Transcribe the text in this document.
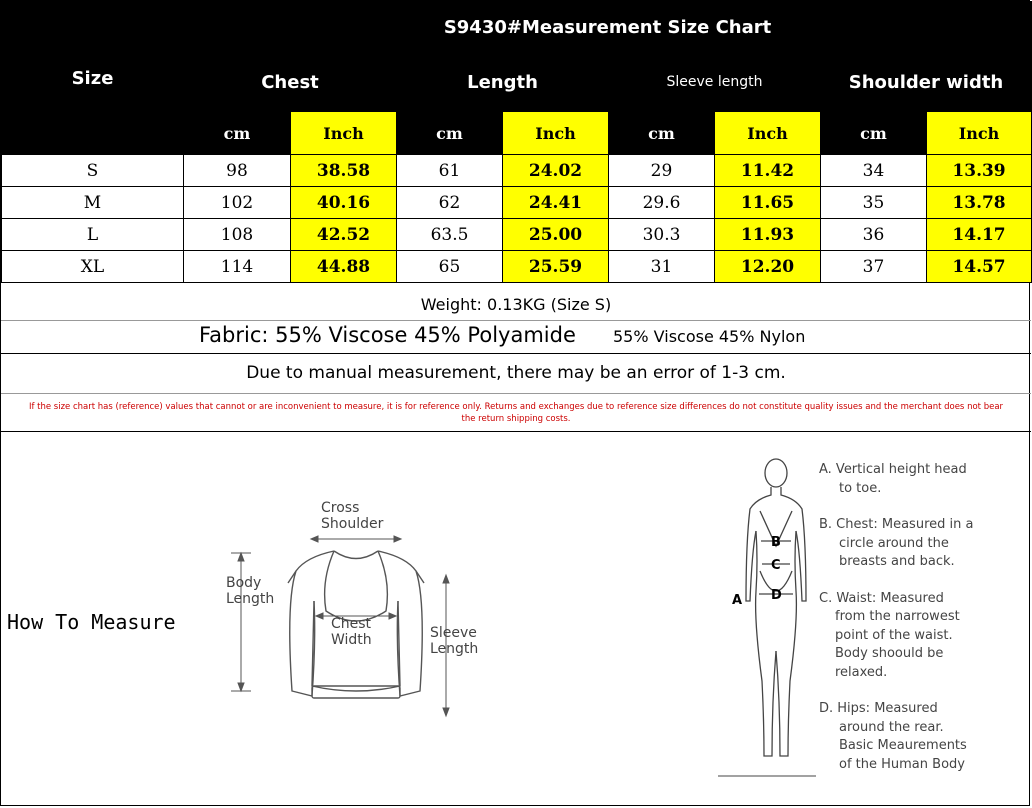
Size	S9430#Measurement Size Chart							
	Chest		Length		Sleeve length		Shoulder width	
	cm	Inch	cm	Inch	cm	Inch	cm	Inch
S	98	38.58	61	24.02	29	11.42	34	13.39
M	102	40.16	62	24.41	29.6	11.65	35	13.78
L	108	42.52	63.5	25.00	30.3	11.93	36	14.17
XL	114	44.88	65	25.59	31	12.20	37	14.57
Weight: 0.13KG (Size S)
Fabric: 55% Viscose 45% Polyamide 55% Viscose 45% Nylon
Due to manual measurement, there may be an error of 1-3 cm.
If the size chart has (reference) values that cannot or are inconvenient to measure, it is for reference only. Returns and exchanges due to reference size differences do not constitute quality issues and the merchant does not bear
the return shipping costs.
How To Measure
Cross
Shoulder
Body
Length
Chest
Width	Sleeve
Length
A
B
C
D
A. Vertical height head
to toe.
B. Chest: Measured in a
circle around the
breasts and back.
C. Waist: Measured
from the narrowest
point of the waist.
Body shoould be
relaxed.
D. Hips: Measured
around the rear.
Basic Meaurements
of the Human Body
